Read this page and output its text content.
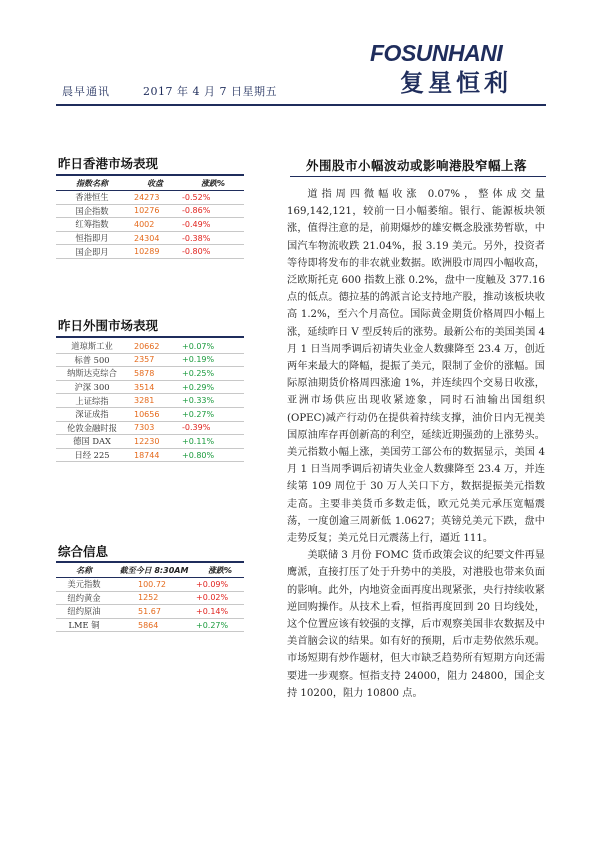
晨早通讯	2017 年 4 月 7 日星期五
FOSUNHANI
复星恒利
昨日香港市场表现
指数名称	收盘	涨跌%
香港恒生	24273	-0.52%
国企指数	10276	-0.86%
红筹指数	4002	-0.49%
恒指即月	24304	-0.38%
国企即月	10289	-0.80%
昨日外围市场表现
道琼斯工业	20662	+0.07%
标普 500	2357	+0.19%
纳斯达克综合	5878	+0.25%
沪深 300	3514	+0.29%
上证综指	3281	+0.33%
深证成指	10656	+0.27%
伦敦金融时报	7303	-0.39%
德国 DAX	12230	+0.11%
日经 225	18744	+0.80%
综合信息
名称	截至今日 8:30AM	涨跌%
美元指数	100.72	+0.09%
纽约黄金	1252	+0.02%
纽约原油	51.67	+0.14%
LME 铜	5864	+0.27%
外围股市小幅波动或影响港股窄幅上落

道指周四微幅收涨 0.07%，整体成交量 169,142,121，较前一日小幅萎缩。银行、能源板块领涨，值得注意的是，前期爆炒的雄安概念股涨势暂歇，中国汽车物流收跌 21.04%，报 3.19 美元。另外，投资者等待即将发布的非农就业数据。欧洲股市周四小幅收高，泛欧斯托克 600 指数上涨 0.2%，盘中一度触及 377.16 点的低点。德拉基的鸽派言论支持地产股，推动该板块收高 1.2%，至六个月高位。国际黄金期货价格周四小幅上涨，延续昨日 V 型反转后的涨势。最新公布的美国美国 4 月 1 日当周季调后初请失业金人数骤降至 23.4 万，创近两年来最大的降幅，提振了美元，限制了金价的涨幅。国际原油期货价格周四涨逾 1%，并连续四个交易日收涨，亚洲市场供应出现收紧迹象，同时石油输出国组织(OPEC)减产行动仍在提供着持续支撑，油价日内无视美国原油库存再创新高的利空，延续近期强劲的上涨势头。美元指数小幅上涨，美国劳工部公布的数据显示，美国 4 月 1 日当周季调后初请失业金人数骤降至 23.4 万，并连续第 109 周位于 30 万人关口下方，数据提振美元指数走高。主要非美货币多数走低，欧元兑美元承压宽幅震荡，一度创逾三周新低 1.0627；英镑兑美元下跌，盘中走势反复；美元兑日元震荡上行，逼近 111。

美联储 3 月份 FOMC 货币政策会议的纪要文件再显鹰派，直接打压了处于升势中的美股，对港股也带来负面的影响。此外，内地资金面再度出现紧张，央行持续收紧逆回购操作。从技术上看，恒指再度回到 20 日均线处，这个位置应该有较强的支撑，后市观察美国非农数据及中美首脑会议的结果。如有好的预期，后市走势依然乐观。市场短期有炒作题材，但大市缺乏趋势所有短期方向还需要进一步观察。恒指支持 24000，阻力 24800，国企支持 10200，阻力 10800 点。
